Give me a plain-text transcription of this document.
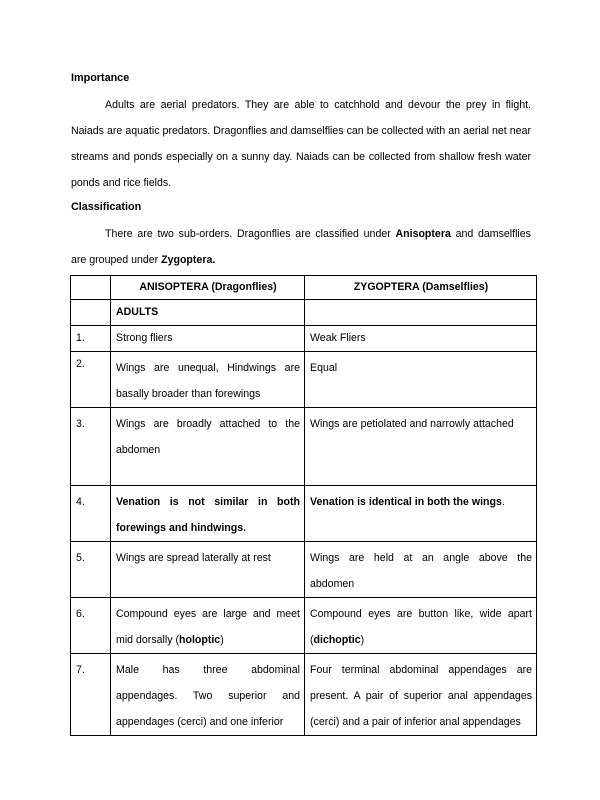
Importance

Adults are aerial predators. They are able to catchhold and devour the prey in flight. Naiads are aquatic predators. Dragonflies and damselflies can be collected with an aerial net near streams and ponds especially on a sunny day. Naiads can be collected from shallow fresh water ponds and rice fields.

Classification

There are two sub-orders. Dragonflies are classified under Anisoptera and damselflies are grouped under Zygoptera.

	ANISOPTERA (Dragonflies)	ZYGOPTERA (Damselflies)
	ADULTS	
1.	Strong fliers	Weak Fliers
2.	Wings are unequal, Hindwings are basally broader than forewings	Equal
3.	Wings are broadly attached to the abdomen	Wings are petiolated and narrowly attached
4.	Venation is not similar in both forewings and hindwings.	Venation is identical in both the wings.
5.	Wings are spread laterally at rest	Wings are held at an angle above the abdomen
6.	Compound eyes are large and meet mid dorsally (holoptic)	Compound eyes are button like, wide apart (dichoptic)
7.	Male has three abdominal appendages. Two superior and appendages (cerci) and one inferior	Four terminal abdominal appendages are present. A pair of superior anal appendages (cerci) and a pair of inferior anal appendages
